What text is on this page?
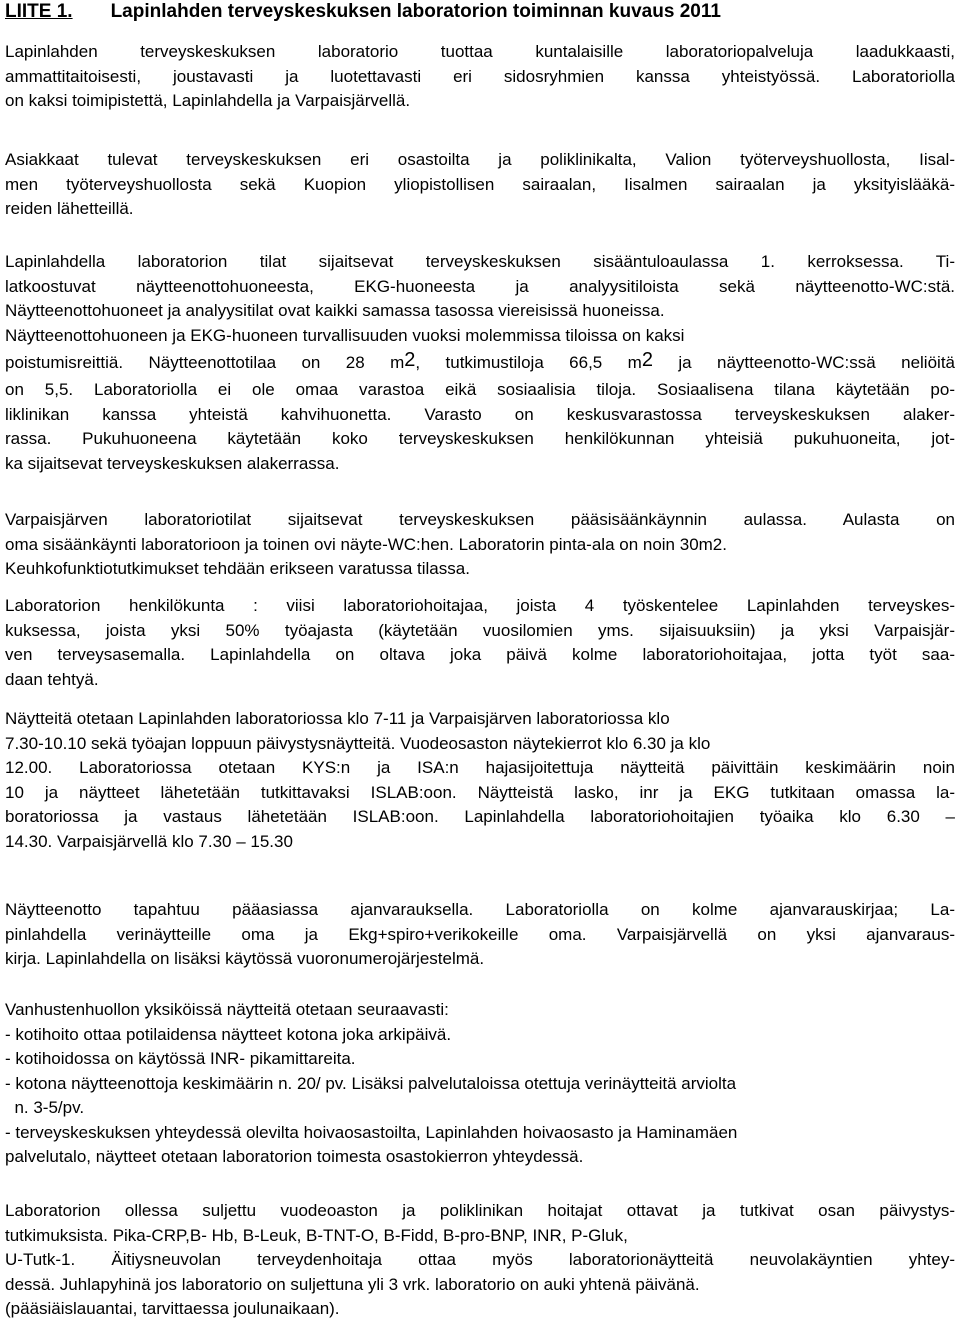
LIITE 1. Lapinlahden terveyskeskuksen laboratorion toiminnan kuvaus 2011
Lapinlahden terveyskeskuksen laboratorio tuottaa kuntalaisille laboratoriopalveluja laadukkaasti,
ammattitaitoisesti, joustavasti ja luotettavasti eri sidosryhmien kanssa yhteistyössä. Laboratoriolla
on kaksi toimipistettä, Lapinlahdella ja Varpaisjärvellä.
Asiakkaat tulevat terveyskeskuksen eri osastoilta ja poliklinikalta, Valion työterveyshuollosta, Iisal-
men työterveyshuollosta sekä Kuopion yliopistollisen sairaalan, Iisalmen sairaalan ja yksityislääkä-
reiden lähetteillä.
Lapinlahdella laboratorion tilat sijaitsevat terveyskeskuksen sisääntuloaulassa 1. kerroksessa. Ti-
latkoostuvat näytteenottohuoneesta, EKG-huoneesta ja analyysitiloista sekä näytteenotto-WC:stä.
Näytteenottohuoneet ja analyysitilat ovat kaikki samassa tasossa viereisissä huoneissa.
Näytteenottohuoneen ja EKG-huoneen turvallisuuden vuoksi molemmissa tiloissa on kaksi
poistumisreittiä. Näytteenottotilaa on 28 $m^2$, tutkimustiloja 66,5 $m^2$ ja näytteenotto-WC:ssä neliöitä
on 5,5. Laboratoriolla ei ole omaa varastoa eikä sosiaalisia tiloja. Sosiaalisena tilana käytetään po-
liklinikan kanssa yhteistä kahvihuonetta. Varasto on keskusvarastossa terveyskeskuksen alaker-
rassa. Pukuhuoneena käytetään koko terveyskeskuksen henkilökunnan yhteisiä pukuhuoneita, jot-
ka sijaitsevat terveyskeskuksen alakerrassa.
Varpaisjärven laboratoriotilat sijaitsevat terveyskeskuksen pääsisäänkäynnin aulassa. Aulasta on
oma sisäänkäynti laboratorioon ja toinen ovi näyte-WC:hen. Laboratorin pinta-ala on noin 30m2.
Keuhkofunktiotutkimukset tehdään erikseen varatussa tilassa.
Laboratorion henkilökunta : viisi laboratoriohoitajaa, joista 4 työskentelee Lapinlahden terveyskes-
kuksessa, joista yksi 50% työajasta (käytetään vuosilomien yms. sijaisuuksiin) ja yksi Varpaisjär-
ven terveysasemalla. Lapinlahdella on oltava joka päivä kolme laboratoriohoitajaa, jotta työt saa-
daan tehtyä.
Näytteitä otetaan Lapinlahden laboratoriossa klo 7-11 ja Varpaisjärven laboratoriossa klo
7.30-10.10 sekä työajan loppuun päivystysnäytteitä. Vuodeosaston näytekierrot klo 6.30 ja klo
12.00. Laboratoriossa otetaan KYS:n ja ISA:n hajasijoitettuja näytteitä päivittäin keskimäärin noin
10 ja näytteet lähetetään tutkittavaksi ISLAB:oon. Näytteistä lasko, inr ja EKG tutkitaan omassa la-
boratoriossa ja vastaus lähetetään ISLAB:oon. Lapinlahdella laboratoriohoitajien työaika klo 6.30 –
14.30. Varpaisjärvellä klo 7.30 – 15.30
Näytteenotto tapahtuu pääasiassa ajanvarauksella. Laboratoriolla on kolme ajanvarauskirjaa; La-
pinlahdella verinäytteille oma ja Ekg+spiro+verikokeille oma. Varpaisjärvellä on yksi ajanvaraus-
kirja. Lapinlahdella on lisäksi käytössä vuoronumerojärjestelmä.
Vanhustenhuollon yksiköissä näytteitä otetaan seuraavasti:
- kotihoito ottaa potilaidensa näytteet kotona joka arkipäivä.
- kotihoidossa on käytössä INR- pikamittareita.
- kotona näytteenottoja keskimäärin n. 20/ pv. Lisäksi palvelutaloissa otettuja verinäytteitä arviolta
n. 3-5/pv.
- terveyskeskuksen yhteydessä olevilta hoivaosastoilta, Lapinlahden hoivaosasto ja Haminamäen
palvelutalo, näytteet otetaan laboratorion toimesta osastokierron yhteydessä.
Laboratorion ollessa suljettu vuodeoaston ja poliklinikan hoitajat ottavat ja tutkivat osan päivystys-
tutkimuksista. Pika-CRP,B- Hb, B-Leuk, B-TNT-O, B-Fidd, B-pro-BNP, INR, P-Gluk,
U-Tutk-1. Äitiysneuvolan terveydenhoitaja ottaa myös laboratorionäytteitä neuvolakäyntien yhtey-
dessä. Juhlapyhinä jos laboratorio on suljettuna yli 3 vrk. laboratorio on auki yhtenä päivänä.
(pääsiäislauantai, tarvittaessa joulunaikaan).
